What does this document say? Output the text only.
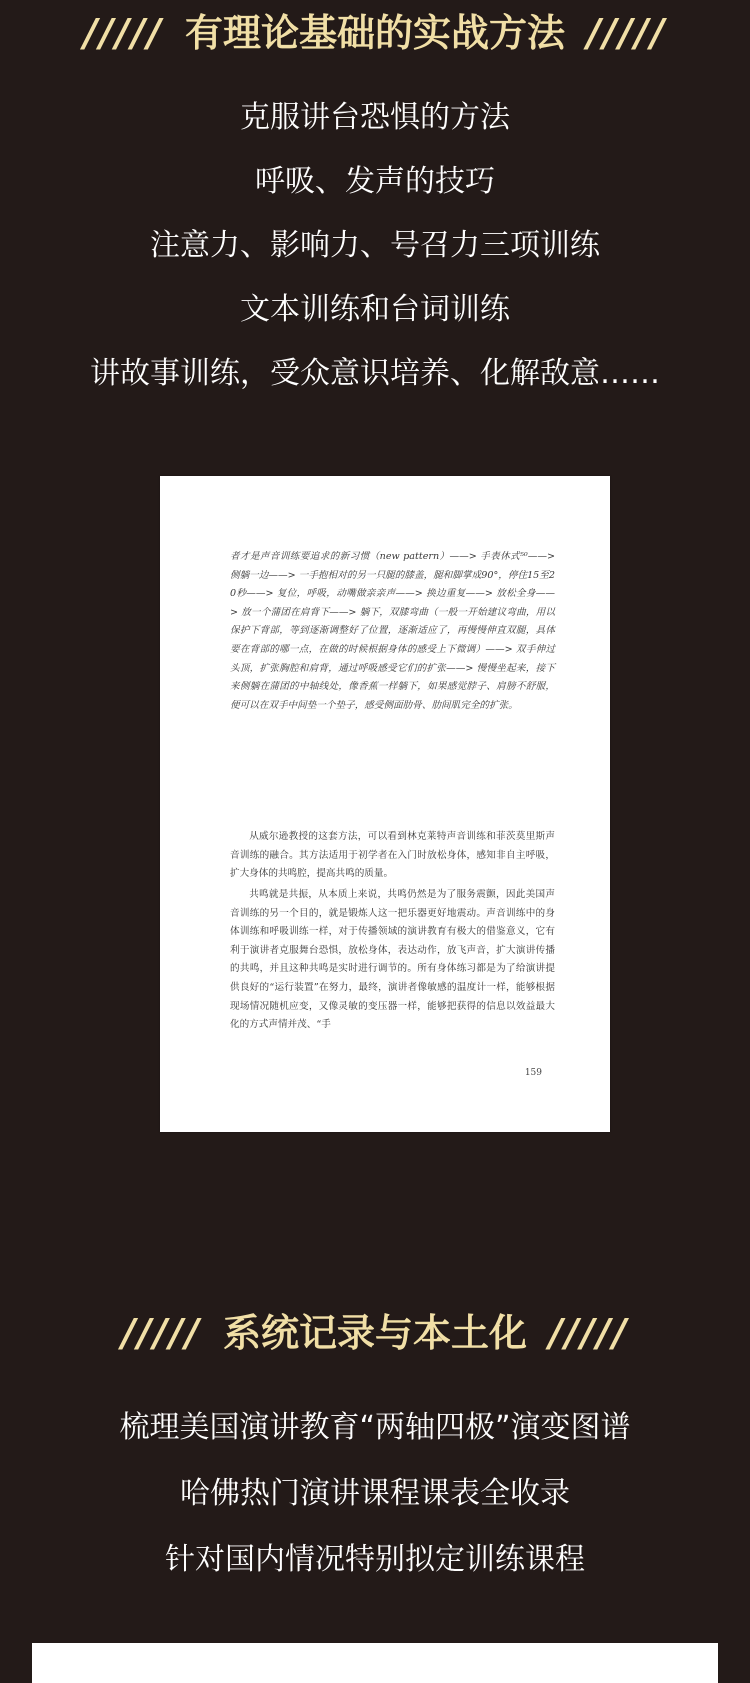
///// 有理论基础的实战方法 /////
克服讲台恐惧的方法
呼吸、发声的技巧
注意力、影响力、号召力三项训练
文本训练和台词训练
讲故事训练，受众意识培养、化解敌意……
者才是声音训练要追求的新习惯（new pattern）——> 手表休式⁵⁰——> 侧躺一边——> 一手抱相对的另一只腿的膝盖，腿和脚掌成90°，停住15至20秒——> 复位，呼吸，动嘴做亲亲声——> 换边重复——> 放松全身——> 放一个蒲团在肩背下——> 躺下，双膝弯曲（一般一开始建议弯曲，用以保护下背部，等到逐渐调整好了位置，逐渐适应了，再慢慢伸直双腿，具体要在背部的哪一点，在做的时候根据身体的感受上下微调）——> 双手伸过头顶，扩张胸腔和肩背，通过呼吸感受它们的扩张——> 慢慢坐起来，接下来侧躺在蒲团的中轴线处，像香蕉一样躺下，如果感觉脖子、肩膀不舒服，便可以在双手中间垫一个垫子，感受侧面肋骨、肋间肌完全的扩张。

从威尔逊教授的这套方法，可以看到林克莱特声音训练和菲茨莫里斯声音训练的融合。其方法适用于初学者在入门时放松身体，感知非自主呼吸，扩大身体的共鸣腔，提高共鸣的质量。

共鸣就是共振，从本质上来说，共鸣仍然是为了服务震颤，因此美国声音训练的另一个目的，就是锻炼人这一把乐器更好地震动。声音训练中的身体训练和呼吸训练一样，对于传播领域的演讲教育有极大的借鉴意义，它有利于演讲者克服舞台恐惧，放松身体，表达动作，放飞声音，扩大演讲传播的共鸣，并且这种共鸣是实时进行调节的。所有身体练习都是为了给演讲提供良好的“运行装置”在努力，最终，演讲者像敏感的温度计一样，能够根据现场情况随机应变，又像灵敏的变压器一样，能够把获得的信息以效益最大化的方式声情并茂、“手

159
///// 系统记录与本土化 /////
梳理美国演讲教育“两轴四极”演变图谱
哈佛热门演讲课程课表全收录
针对国内情况特别拟定训练课程
